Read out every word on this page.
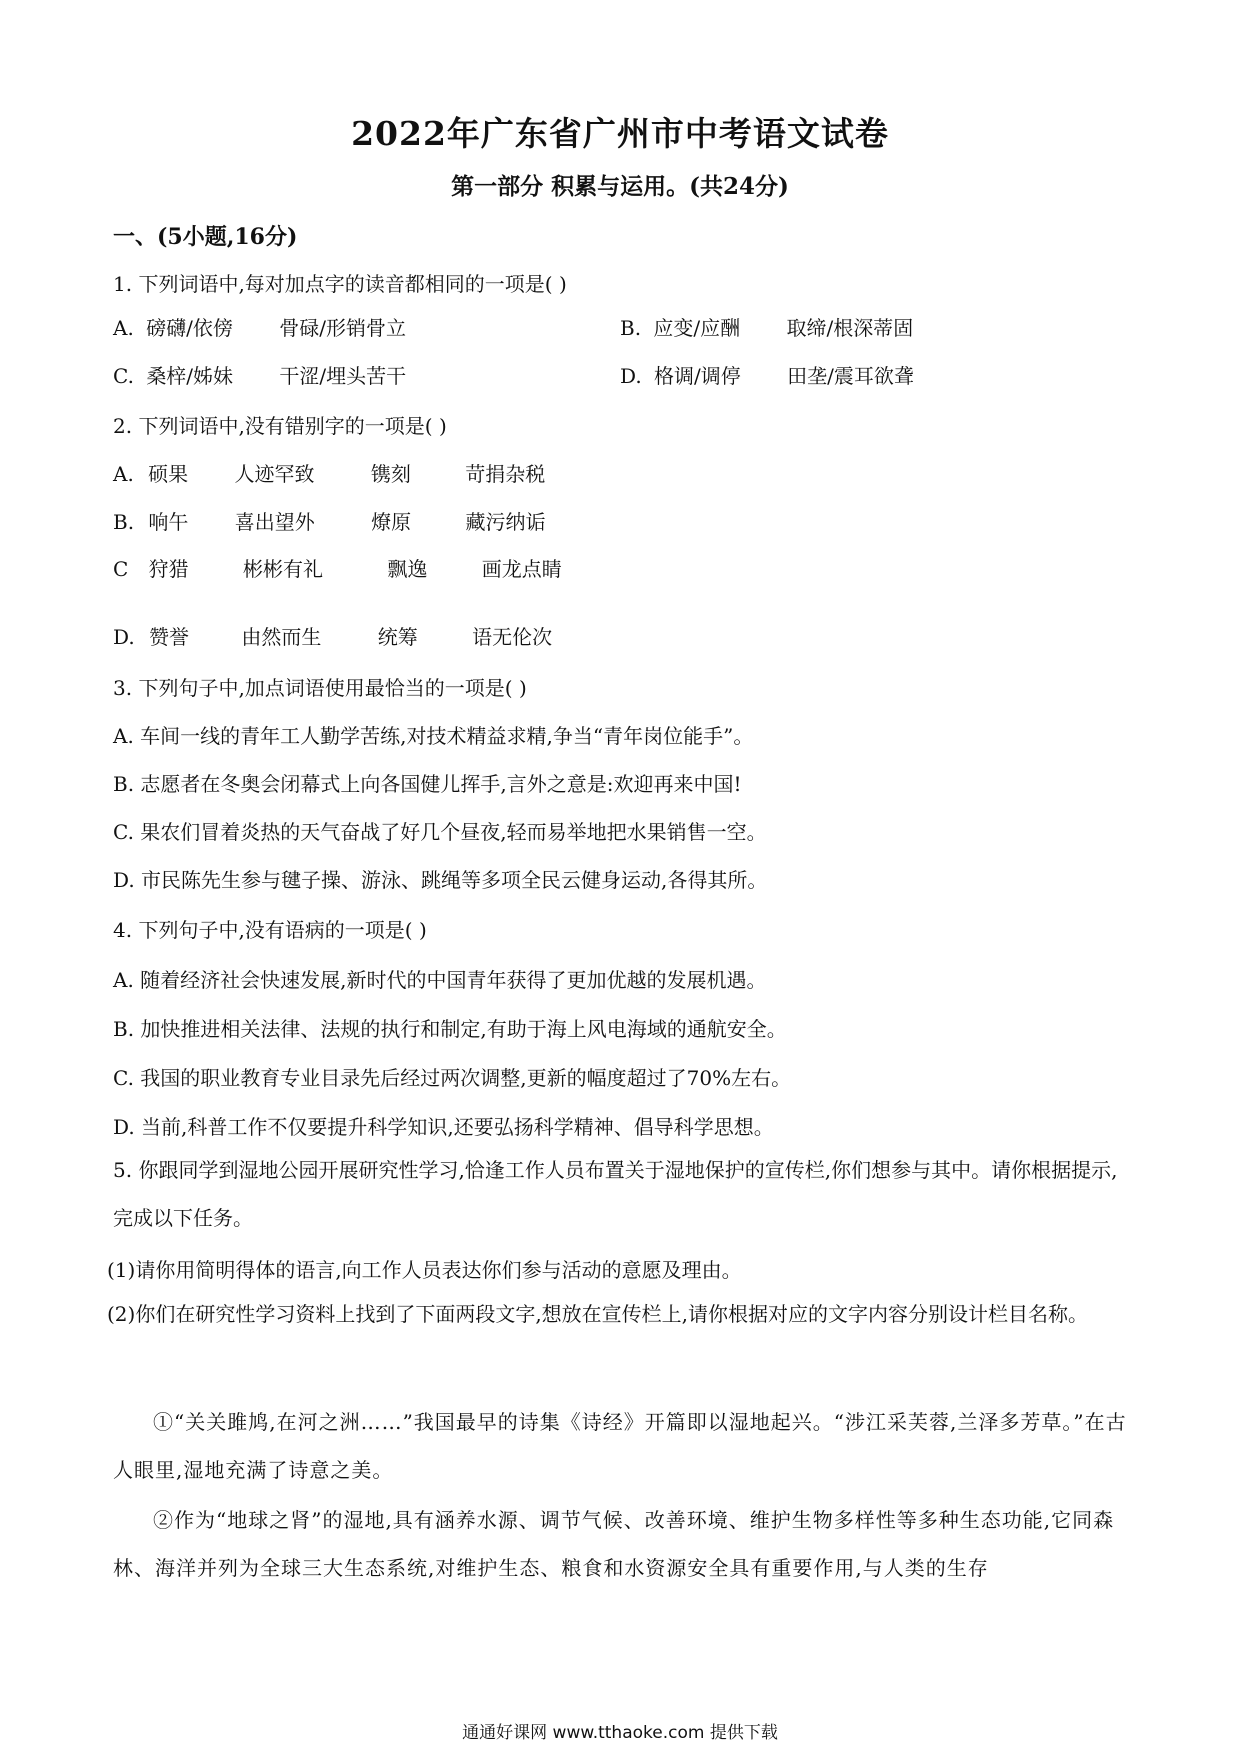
2022年广东省广州市中考语文试卷
第一部分 积累与运用。(共24分)
一、(5小题,16分)
1. 下列词语中,每对加点字的读音都相同的一项是( )
A. 磅礴/依傍 骨碌/形销骨立	B. 应变/应酬 取缔/根深蒂固
C. 桑梓/姊妹 干涩/埋头苦干	D. 格调/调停 田垄/震耳欲聋
2. 下列词语中,没有错别字的一项是( )
A. 硕果 人迹罕致	镌刻	苛捐杂税
B. 响午 喜出望外	燎原	藏污纳诟
C 狩猎	彬彬有礼	飘逸	画龙点睛
D. 赞誉	由然而生	统筹	语无伦次
3. 下列句子中,加点词语使用最恰当的一项是( )
A. 车间一线的青年工人勤学苦练,对技术精益求精,争当“青年岗位能手”。
B. 志愿者在冬奥会闭幕式上向各国健儿挥手,言外之意是:欢迎再来中国!
C. 果农们冒着炎热的天气奋战了好几个昼夜,轻而易举地把水果销售一空。
D. 市民陈先生参与毽子操、游泳、跳绳等多项全民云健身运动,各得其所。
4. 下列句子中,没有语病的一项是( )
A. 随着经济社会快速发展,新时代的中国青年获得了更加优越的发展机遇。
B. 加快推进相关法律、法规的执行和制定,有助于海上风电海域的通航安全。
C. 我国的职业教育专业目录先后经过两次调整,更新的幅度超过了70%左右。
D. 当前,科普工作不仅要提升科学知识,还要弘扬科学精神、倡导科学思想。
5. 你跟同学到湿地公园开展研究性学习,恰逢工作人员布置关于湿地保护的宣传栏,你们想参与其中。请你根据提示,完成以下任务。
(1)请你用简明得体的语言,向工作人员表达你们参与活动的意愿及理由。
(2)你们在研究性学习资料上找到了下面两段文字,想放在宣传栏上,请你根据对应的文字内容分别设计栏目名称。
①“关关雎鸠,在河之洲……”我国最早的诗集《诗经》开篇即以湿地起兴。“涉江采芙蓉,兰泽多芳草。”在古人眼里,湿地充满了诗意之美。
②作为“地球之肾”的湿地,具有涵养水源、调节气候、改善环境、维护生物多样性等多种生态功能,它同森林、海洋并列为全球三大生态系统,对维护生态、粮食和水资源安全具有重要作用,与人类的生存
通通好课网 www.tthaoke.com 提供下载
